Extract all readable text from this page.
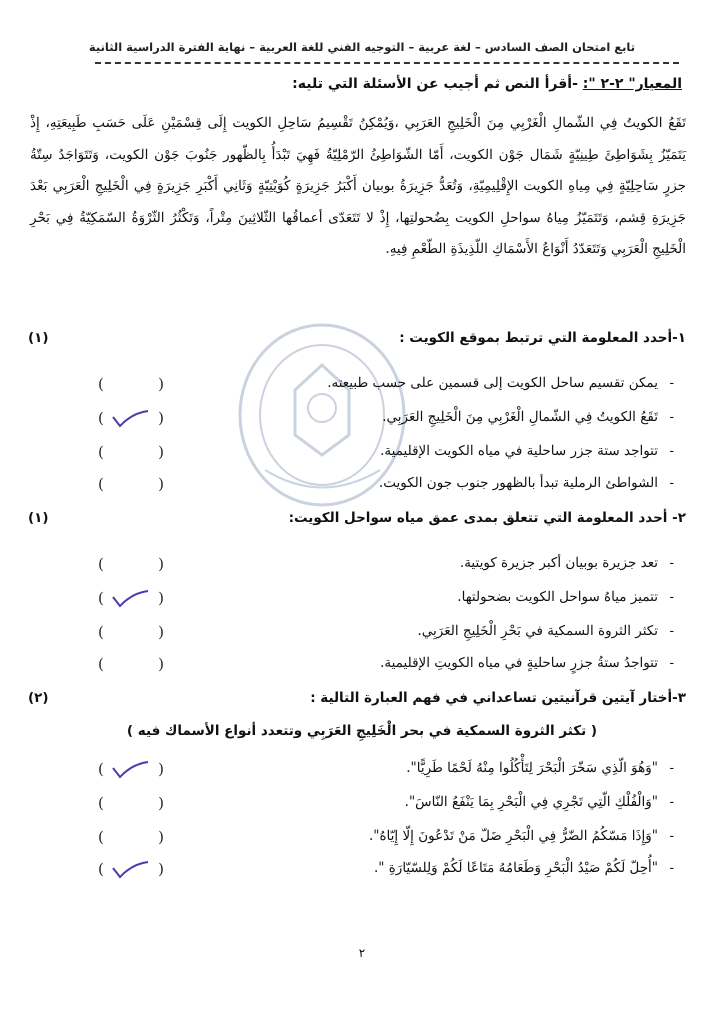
تابع امتحان الصف السادس – لغة عربية – التوجيه الفني للغة العربية – نهاية الفترة الدراسية الثانية
المعيار" ٢-٢ ": -أقرأ النص ثم أجيب عن الأسئلة التي تليه:
تَقَعُ الكويتُ فِي الشّمالِ الْغَرْبِي مِنَ الْخَلِيجِ العَرَبِي ،وَيُمْكِنُ تَقْسِيمُ سَاحِلِ الكويت إِلَى قِسْمَيْنِ عَلَى حَسَبِ طَبِيعَتِهِ، إِذْ يَتَمَيّزُ بِشَوَاطِئَ طِينِيّةٍ شَمَال جَوْن الكويت، أَمّا الشّوَاطِئُ الرّمْلِيّةُ فَهِيَ تَبْدَأُ بِالظّهور جَنُوبَ جَوْن الكويت، وَتَتَوَاجَدُ سِتّةُ جزرٍ سَاحِلِيّةٍ فِي مِياهِ الكويت الإِقْلِيمِيّةِ، وَتُعَدُّ جَزِيرَةُ بوبيان أَكْبَرُ جَزِيرَةٍ كُوَيْتِيّةٍ وَثَانِي أَكْبَرِ جَزِيرَةٍ فِي الْخَلِيجِ الْعَرَبِي بَعْدَ جَزِيرَةِ قِشم، وَتَتَمَيّزُ مِياهُ سواحلِ الكويت بِضُحولتِها، إِذْ لا تَتَعَدّى أعماقُها الثّلاثِينَ مِتْراً، وَتَكْثُرُ الثّرْوَةُ السّمَكِيّةُ فِي بَحْرِ الْخَلِيجِ الْعَرَبِي وَتَتَعَدّدُ أَنْوَاعُ الأَسْمَاكِ اللّذِيذَةِ الطّعْمِ فِيهِ.
١-أحدد المعلومة التي ترتبط بموقع الكويت :
(١)
-
يمكن تقسيم ساحل الكويت إلى قسمين على حسب طبيعته.
(	)
-
تَقَعُ الكويتُ فِي الشّمالِ الْغَرْبِي مِنَ الْخَلِيجِ العَرَبِي.
(	)
-
تتواجد ستة جزر ساحلية في مياه الكويت الإقليمية.
(	)
-
الشواطئ الرملية تبدأ بالظهور جنوب جون الكويت.
(	)
٢- أحدد المعلومة التي تتعلق بمدى عمق مياه سواحل الكويت:
(١)
-
تعد جزيرة بوبيان أكبر جزيرة كويتية.
(	)
-
تتميز مياهُ سواحل الكويت بضحولتها.
(	)
-
تكثر الثروة السمكية في بَحْرِ الْخَلِيجِ العَرَبِي.
(	)
-
تتواجدُ ستةُ جزرٍ ساحليةٍ في مياه الكويتِ الإقليمية.
(	)
٣-أختار آيتين قرآنيتين تساعداني في فهم العبارة التالية :
(٢)
( تكثر الثروة السمكية في بحر الْخَلِيجِ العَرَبِي وتتعدد أنواع الأسماك فيه )
-
"وَهُوَ الّذِي سَخّرَ الْبَحْرَ لِتَأْكُلُوا مِنْهُ لَحْمًا طَرِيًّا".
(	)
-
"وَالْفُلْكِ الّتِي تَجْرِي فِي الْبَحْرِ بِمَا يَنْفَعُ النّاسَ".
(	)
-
"وَإِذَا مَسّكُمُ الضّرُّ فِي الْبَحْرِ ضَلّ مَنْ تَدْعُونَ إِلّا إِيّاهُ".
(	)
-
"أُحِلّ لَكُمْ صَيْدُ الْبَحْرِ وَطَعَامُهُ مَتَاعًا لَكُمْ وَلِلسّيّارَةِ ".
(	)
٢
